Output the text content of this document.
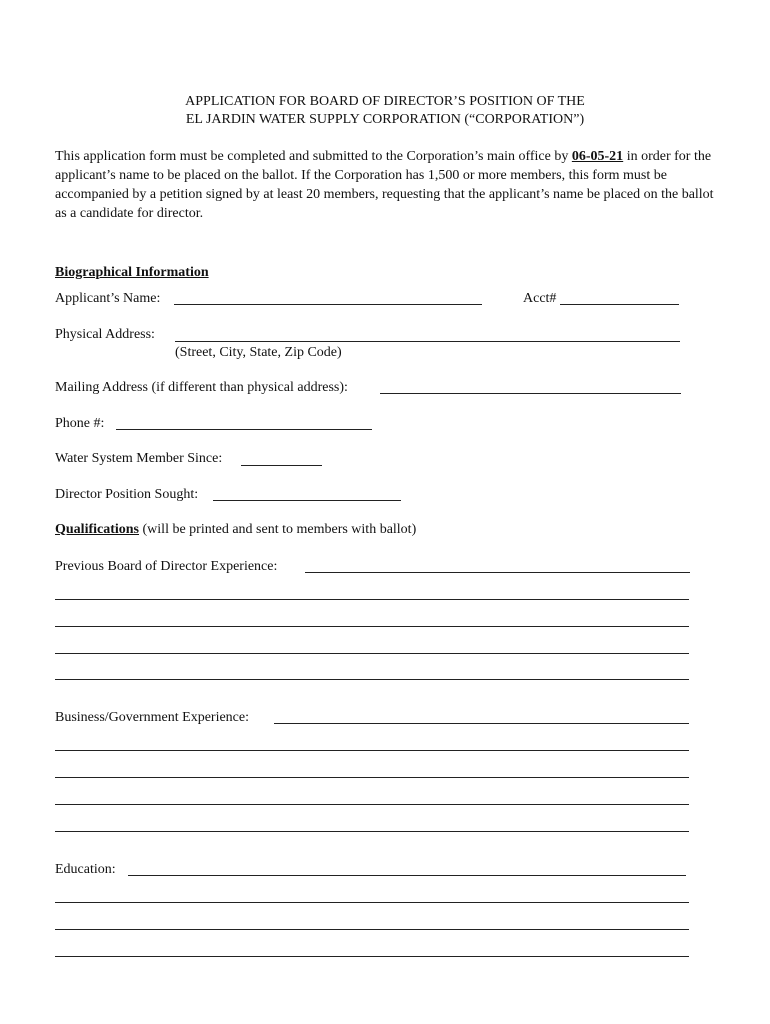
APPLICATION FOR BOARD OF DIRECTOR’S POSITION OF THE
EL JARDIN WATER SUPPLY CORPORATION (“CORPORATION”)
This application form must be completed and submitted to the Corporation’s main office by 06-05-21 in order for the applicant’s name to be placed on the ballot. If the Corporation has 1,500 or more members, this form must be accompanied by a petition signed by at least 20 members, requesting that the applicant’s name be placed on the ballot as a candidate for director.
Biographical Information
Applicant’s Name:	Acct#
Physical Address:
(Street, City, State, Zip Code)
Mailing Address (if different than physical address):
Phone #:
Water System Member Since:
Director Position Sought:
Qualifications (will be printed and sent to members with ballot)
Previous Board of Director Experience:
Business/Government Experience:
Education:
